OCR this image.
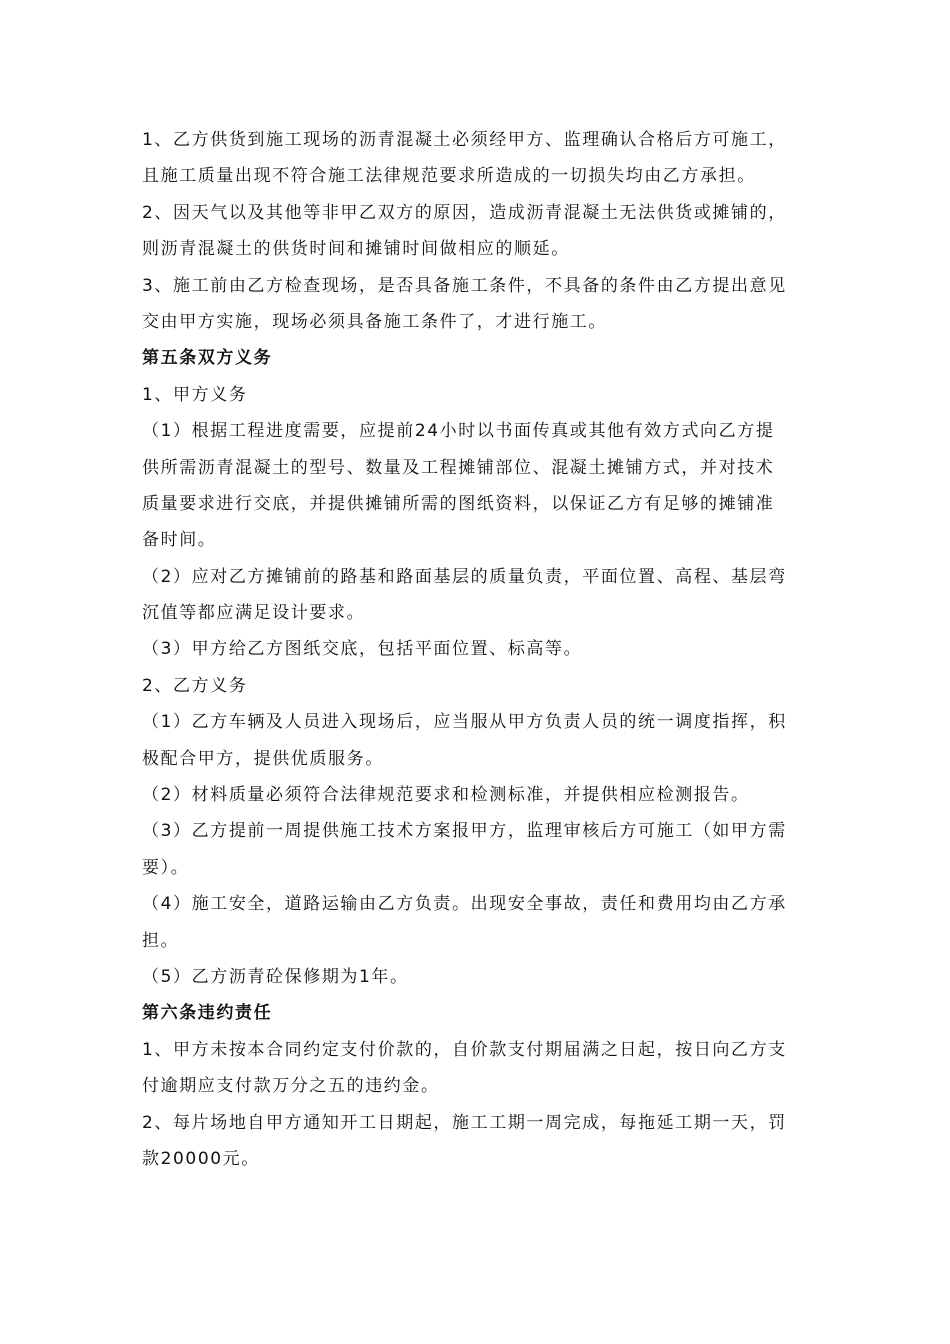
1、乙方供货到施工现场的沥青混凝土必须经甲方、监理确认合格后方可施工，
且施工质量出现不符合施工法律规范要求所造成的一切损失均由乙方承担。
2、因天气以及其他等非甲乙双方的原因，造成沥青混凝土无法供货或摊铺的，
则沥青混凝土的供货时间和摊铺时间做相应的顺延。
3、施工前由乙方检查现场，是否具备施工条件，不具备的条件由乙方提出意见
交由甲方实施，现场必须具备施工条件了，才进行施工。
第五条双方义务
1、甲方义务
（1）根据工程进度需要，应提前24小时以书面传真或其他有效方式向乙方提
供所需沥青混凝土的型号、数量及工程摊铺部位、混凝土摊铺方式，并对技术
质量要求进行交底，并提供摊铺所需的图纸资料，以保证乙方有足够的摊铺准
备时间。
（2）应对乙方摊铺前的路基和路面基层的质量负责，平面位置、高程、基层弯
沉值等都应满足设计要求。
（3）甲方给乙方图纸交底，包括平面位置、标高等。
2、乙方义务
（1）乙方车辆及人员进入现场后，应当服从甲方负责人员的统一调度指挥，积
极配合甲方，提供优质服务。
（2）材料质量必须符合法律规范要求和检测标准，并提供相应检测报告。
（3）乙方提前一周提供施工技术方案报甲方，监理审核后方可施工（如甲方需
要）。
（4）施工安全，道路运输由乙方负责。出现安全事故，责任和费用均由乙方承
担。
（5）乙方沥青砼保修期为1年。
第六条违约责任
1、甲方未按本合同约定支付价款的，自价款支付期届满之日起，按日向乙方支
付逾期应支付款万分之五的违约金。
2、每片场地自甲方通知开工日期起，施工工期一周完成，每拖延工期一天，罚
款20000元。
